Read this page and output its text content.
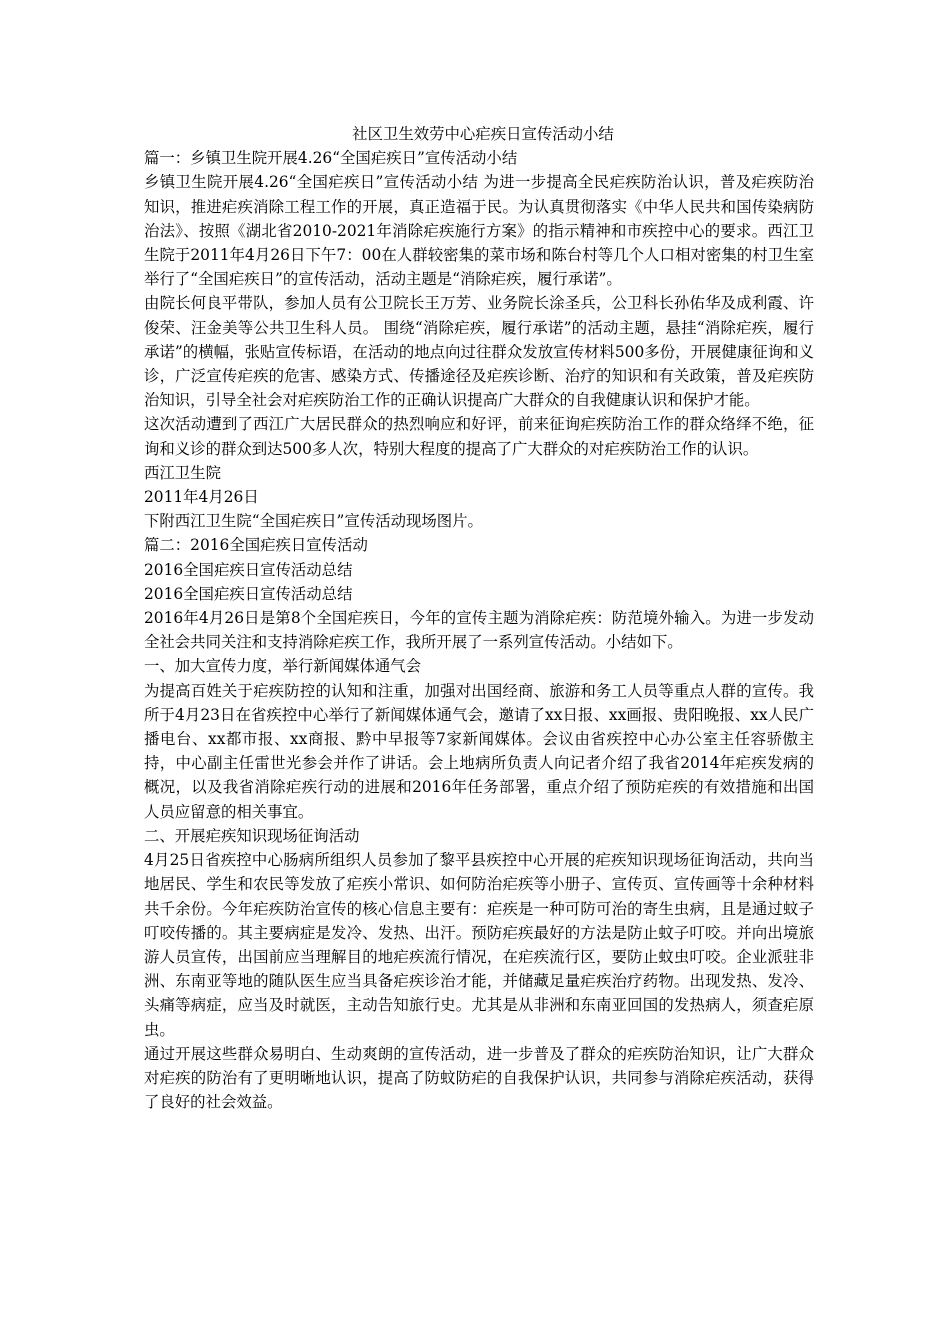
社区卫生效劳中心疟疾日宣传活动小结

篇一：乡镇卫生院开展4.26“全国疟疾日”宣传活动小结

乡镇卫生院开展4.26“全国疟疾日”宣传活动小结 为进一步提高全民疟疾防治认识，普及疟疾防治知识，推进疟疾消除工程工作的开展，真正造福于民。为认真贯彻落实《中华人民共和国传染病防治法》、按照《湖北省2010-2021年消除疟疾施行方案》的指示精神和市疾控中心的要求。西江卫生院于2011年4月26日下午7：00在人群较密集的菜市场和陈台村等几个人口相对密集的村卫生室举行了“全国疟疾日”的宣传活动，活动主题是“消除疟疾，履行承诺”。

由院长何良平带队，参加人员有公卫院长王万芳、业务院长涂圣兵，公卫科长孙佑华及成利霞、许俊荣、汪金美等公共卫生科人员。 围绕“消除疟疾，履行承诺”的活动主题，悬挂“消除疟疾，履行承诺”的横幅，张贴宣传标语，在活动的地点向过往群众发放宣传材料500多份，开展健康征询和义诊，广泛宣传疟疾的危害、感染方式、传播途径及疟疾诊断、治疗的知识和有关政策，普及疟疾防治知识，引导全社会对疟疾防治工作的正确认识提高广大群众的自我健康认识和保护才能。

这次活动遭到了西江广大居民群众的热烈响应和好评，前来征询疟疾防治工作的群众络绎不绝，征询和义诊的群众到达500多人次，特别大程度的提高了广大群众的对疟疾防治工作的认识。

西江卫生院

2011年4月26日

下附西江卫生院“全国疟疾日”宣传活动现场图片。

篇二：2016全国疟疾日宣传活动

2016全国疟疾日宣传活动总结

2016全国疟疾日宣传活动总结

2016年4月26日是第8个全国疟疾日，今年的宣传主题为消除疟疾：防范境外输入。为进一步发动全社会共同关注和支持消除疟疾工作，我所开展了一系列宣传活动。小结如下。

一、加大宣传力度，举行新闻媒体通气会

为提高百姓关于疟疾防控的认知和注重，加强对出国经商、旅游和务工人员等重点人群的宣传。我所于4月23日在省疾控中心举行了新闻媒体通气会，邀请了xx日报、xx画报、贵阳晚报、xx人民广播电台、xx都市报、xx商报、黔中早报等7家新闻媒体。会议由省疾控中心办公室主任容骄傲主持，中心副主任雷世光参会并作了讲话。会上地病所负责人向记者介绍了我省2014年疟疾发病的概况，以及我省消除疟疾行动的进展和2016年任务部署，重点介绍了预防疟疾的有效措施和出国人员应留意的相关事宜。

二、开展疟疾知识现场征询活动

4月25日省疾控中心肠病所组织人员参加了黎平县疾控中心开展的疟疾知识现场征询活动，共向当地居民、学生和农民等发放了疟疾小常识、如何防治疟疾等小册子、宣传页、宣传画等十余种材料共千余份。今年疟疾防治宣传的核心信息主要有：疟疾是一种可防可治的寄生虫病，且是通过蚊子叮咬传播的。其主要病症是发冷、发热、出汗。预防疟疾最好的方法是防止蚊子叮咬。并向出境旅游人员宣传，出国前应当理解目的地疟疾流行情况，在疟疾流行区，要防止蚊虫叮咬。企业派驻非洲、东南亚等地的随队医生应当具备疟疾诊治才能，并储藏足量疟疾治疗药物。出现发热、发冷、头痛等病症，应当及时就医，主动告知旅行史。尤其是从非洲和东南亚回国的发热病人，须查疟原虫。

通过开展这些群众易明白、生动爽朗的宣传活动，进一步普及了群众的疟疾防治知识，让广大群众对疟疾的防治有了更明晰地认识，提高了防蚊防疟的自我保护认识，共同参与消除疟疾活动，获得了良好的社会效益。
